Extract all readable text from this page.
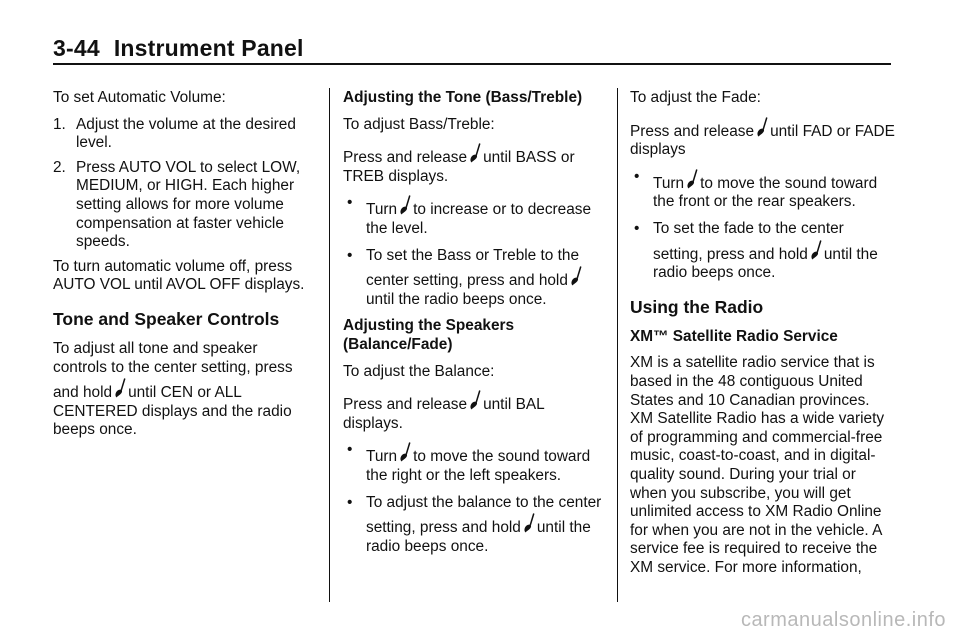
3-44 Instrument Panel

To set Automatic Volume:

1. Adjust the volume at the desired level.
2. Press AUTO VOL to select LOW, MEDIUM, or HIGH. Each higher setting allows for more volume compensation at faster vehicle speeds.

To turn automatic volume off, press AUTO VOL until AVOL OFF displays.

Tone and Speaker Controls

To adjust all tone and speaker controls to the center setting, press and hold until CEN or ALL CENTERED displays and the radio beeps once.

Adjusting the Tone (Bass/Treble)

To adjust Bass/Treble:

Press and release until BASS or TREB displays.

• Turn to increase or to decrease the level.
• To set the Bass or Treble to the center setting, press and hold
until the radio beeps once.
Adjusting the Speakers (Balance/Fade)

To adjust the Balance:

Press and release until BAL displays.

• Turn to move the sound toward the right or the left speakers.
• To adjust the balance to the center setting, press and hold until the radio beeps once.

To adjust the Fade:

Press and release until FAD or FADE displays

• Turn to move the sound toward the front or the rear speakers.
• To set the fade to the center setting, press and hold until the radio beeps once.
Using the Radio
XM™ Satellite Radio Service

XM is a satellite radio service that is based in the 48 contiguous United States and 10 Canadian provinces. XM Satellite Radio has a wide variety of programming and commercial-free music, coast-to-coast, and in digital-quality sound. During your trial or when you subscribe, you will get unlimited access to XM Radio Online for when you are not in the vehicle. A service fee is required to receive the XM service. For more information,

carmanualsonline.info
